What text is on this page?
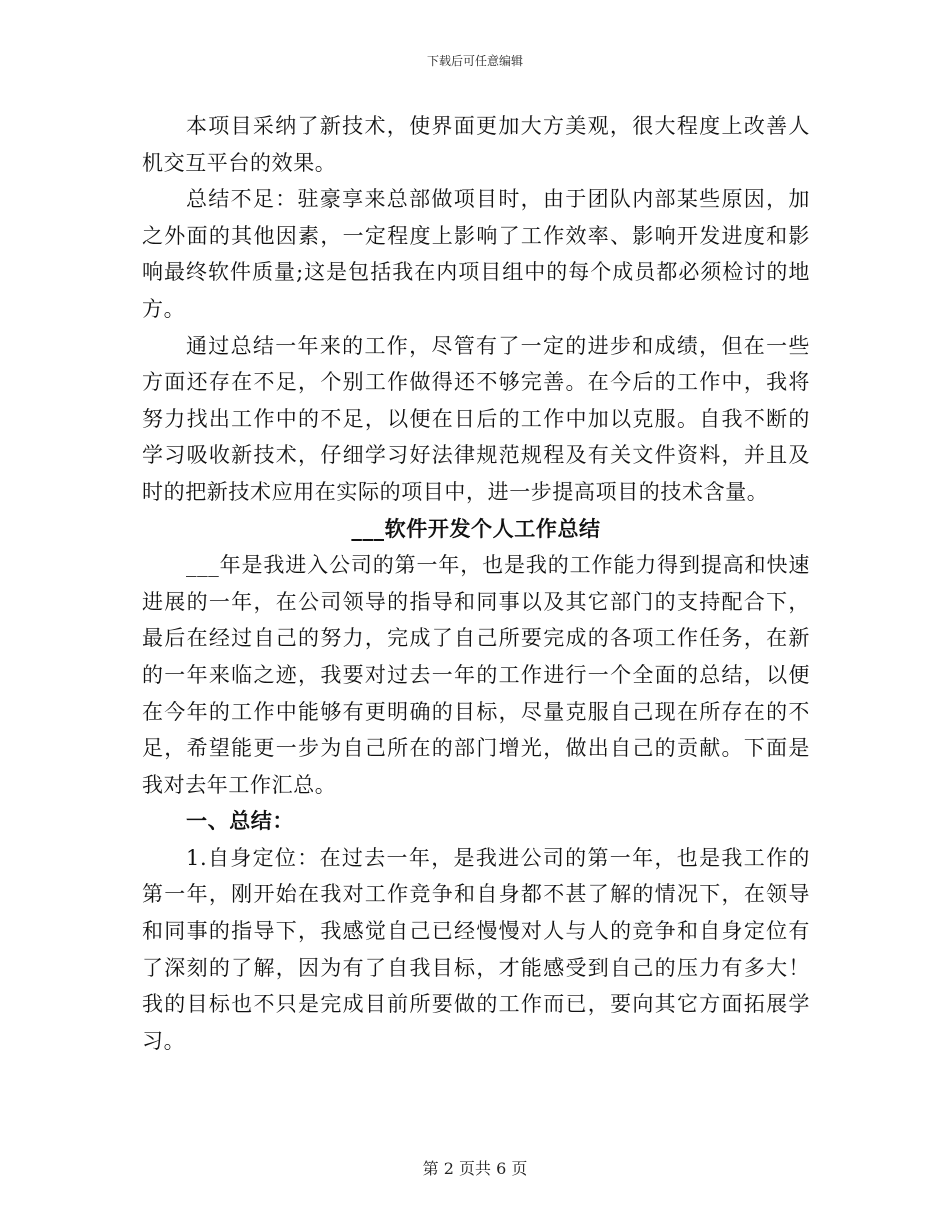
下载后可任意编辑

本项目采纳了新技术，使界面更加大方美观，很大程度上改善人机交互平台的效果。

总结不足：驻豪享来总部做项目时，由于团队内部某些原因，加之外面的其他因素，一定程度上影响了工作效率、影响开发进度和影响最终软件质量;这是包括我在内项目组中的每个成员都必须检讨的地方。

通过总结一年来的工作，尽管有了一定的进步和成绩，但在一些方面还存在不足，个别工作做得还不够完善。在今后的工作中，我将努力找出工作中的不足，以便在日后的工作中加以克服。自我不断的学习吸收新技术，仔细学习好法律规范规程及有关文件资料，并且及时的把新技术应用在实际的项目中，进一步提高项目的技术含量。

___软件开发个人工作总结

___年是我进入公司的第一年，也是我的工作能力得到提高和快速进展的一年，在公司领导的指导和同事以及其它部门的支持配合下，最后在经过自己的努力，完成了自己所要完成的各项工作任务，在新的一年来临之迹，我要对过去一年的工作进行一个全面的总结，以便在今年的工作中能够有更明确的目标，尽量克服自己现在所存在的不足，希望能更一步为自己所在的部门增光，做出自己的贡献。下面是我对去年工作汇总。

一、总结：

1.自身定位：在过去一年，是我进公司的第一年，也是我工作的第一年，刚开始在我对工作竞争和自身都不甚了解的情况下，在领导和同事的指导下，我感觉自己已经慢慢对人与人的竞争和自身定位有了深刻的了解，因为有了自我目标，才能感受到自己的压力有多大！我的目标也不只是完成目前所要做的工作而已，要向其它方面拓展学习。

第 2 页共 6 页
